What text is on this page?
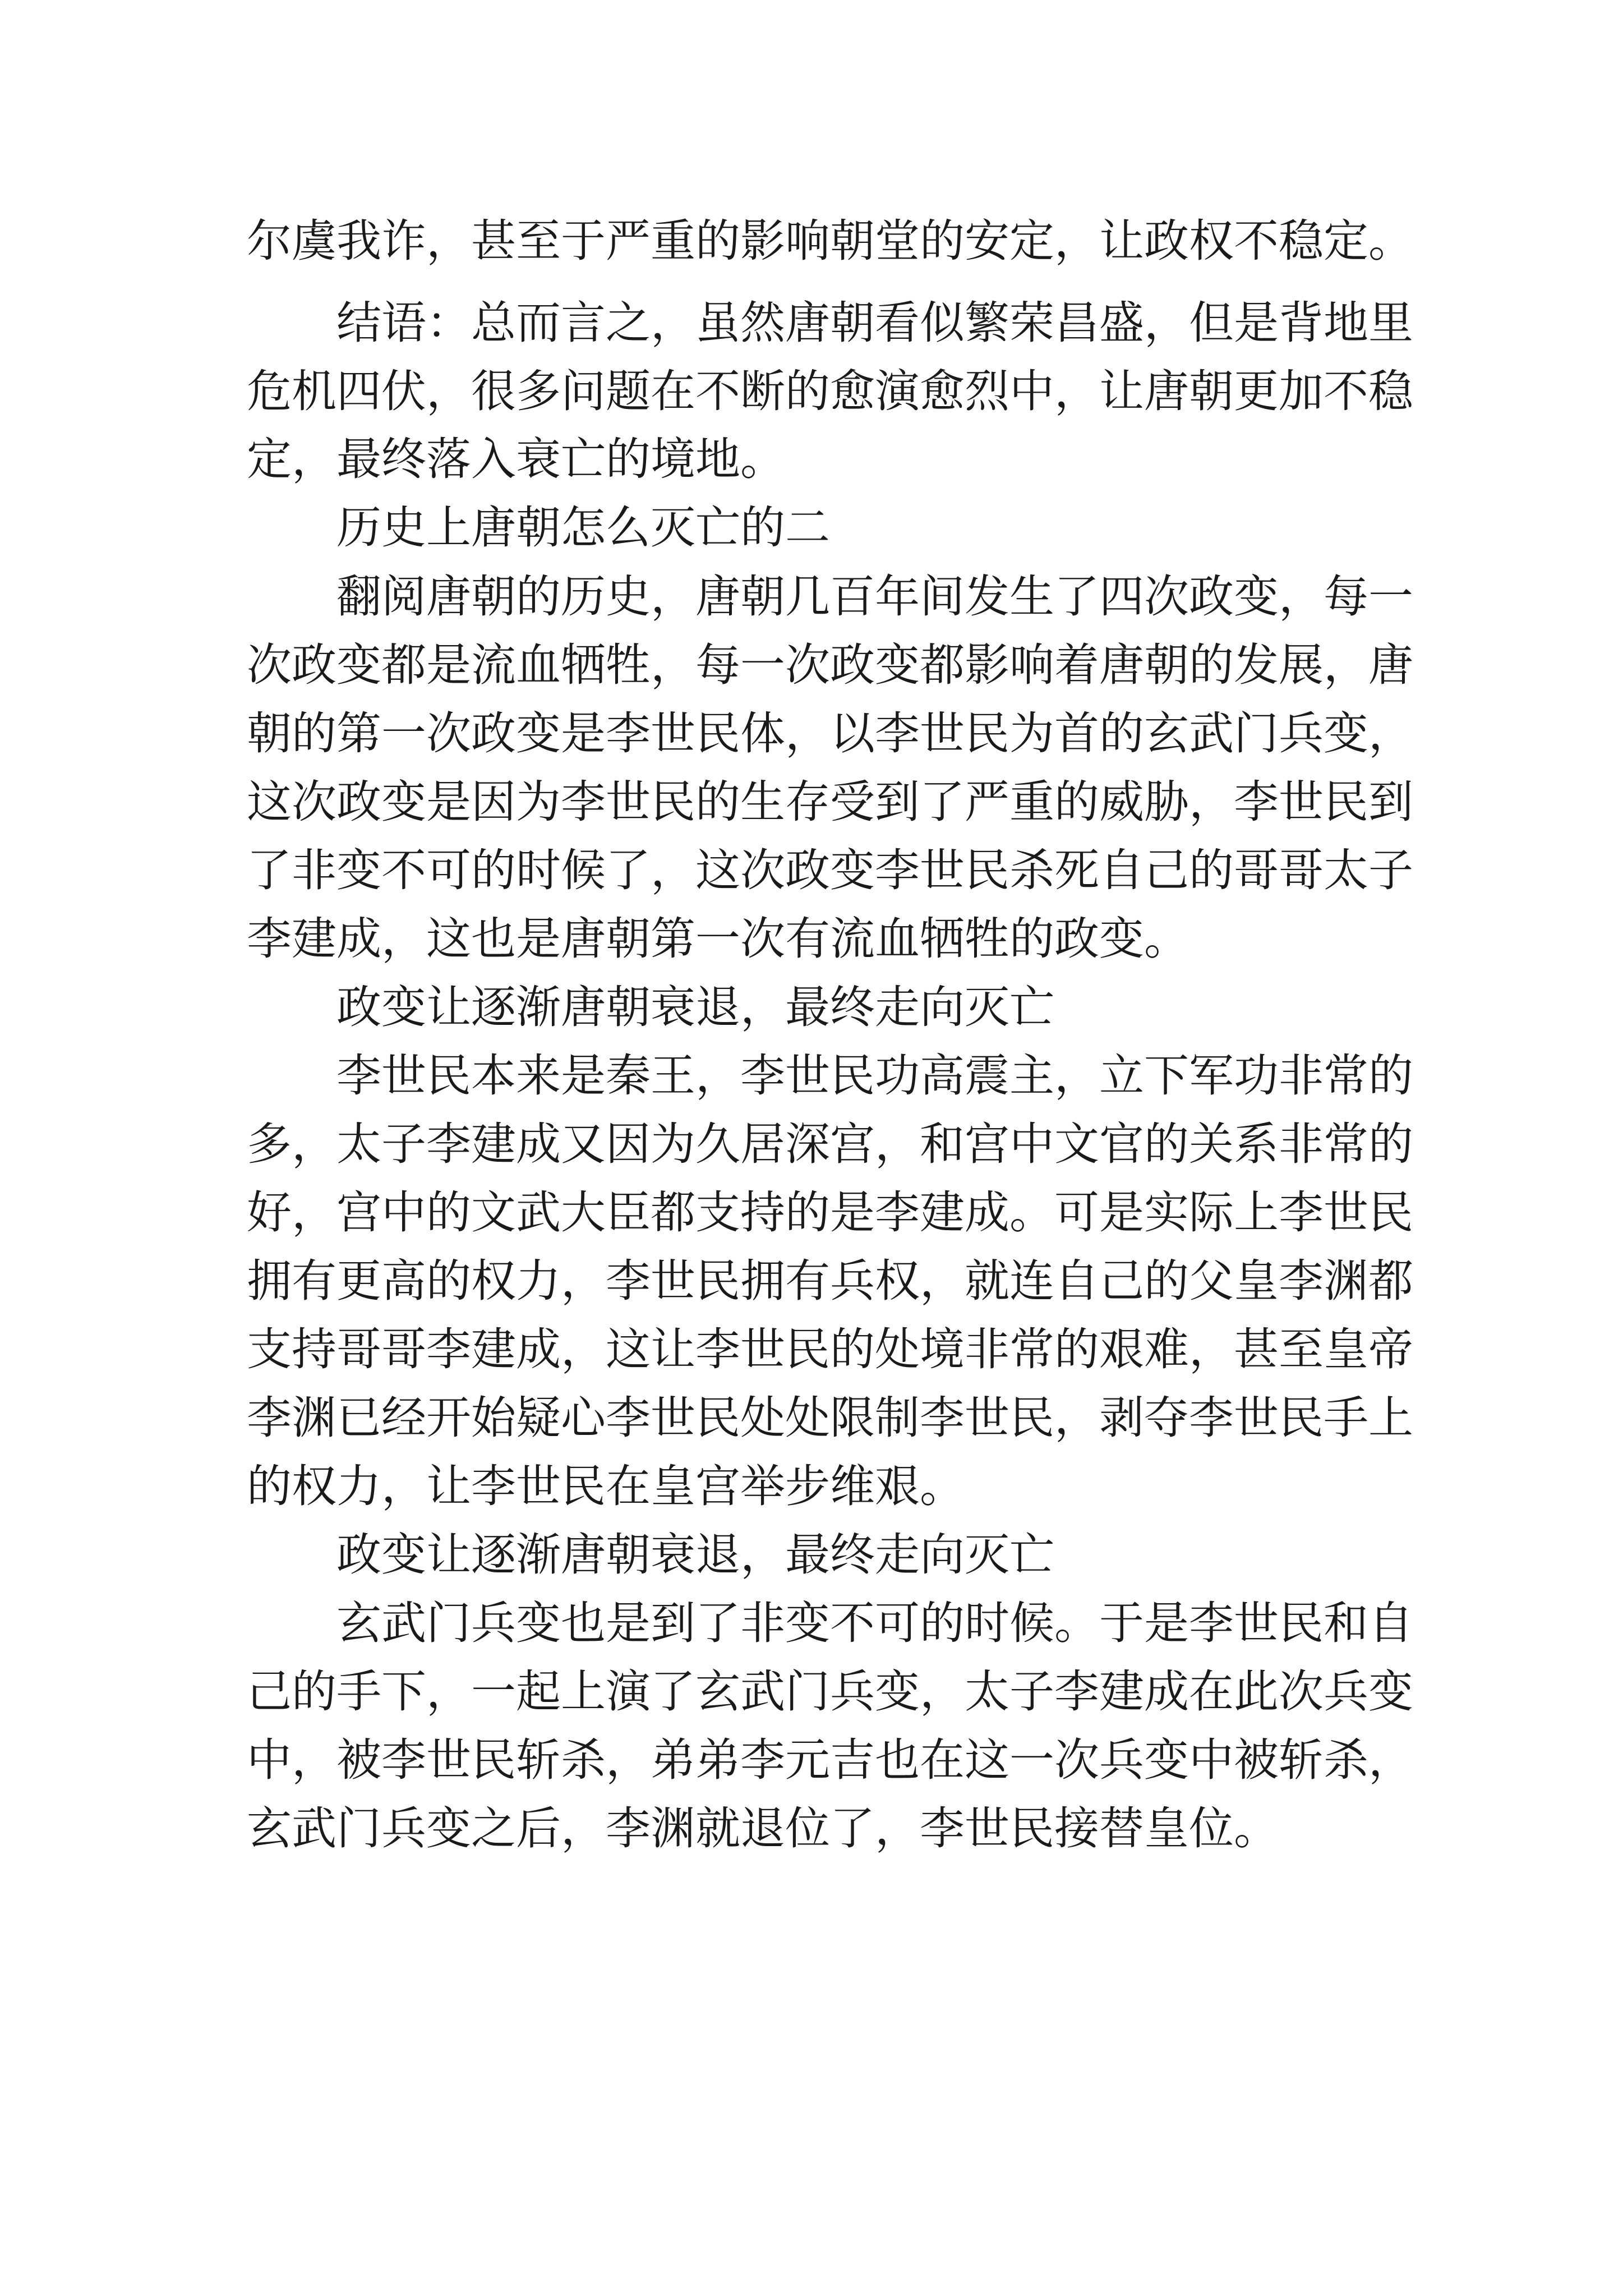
尔虞我诈，甚至于严重的影响朝堂的安定，让政权不稳定。

结语：总而言之，虽然唐朝看似繁荣昌盛，但是背地里

危机四伏，很多问题在不断的愈演愈烈中，让唐朝更加不稳

定，最终落入衰亡的境地。

历史上唐朝怎么灭亡的二

翻阅唐朝的历史，唐朝几百年间发生了四次政变，每一

次政变都是流血牺牲，每一次政变都影响着唐朝的发展，唐

朝的第一次政变是李世民体，以李世民为首的玄武门兵变，

这次政变是因为李世民的生存受到了严重的威胁，李世民到

了非变不可的时候了，这次政变李世民杀死自己的哥哥太子

李建成，这也是唐朝第一次有流血牺牲的政变。

政变让逐渐唐朝衰退，最终走向灭亡

李世民本来是秦王，李世民功高震主，立下军功非常的

多，太子李建成又因为久居深宫，和宫中文官的关系非常的

好，宫中的文武大臣都支持的是李建成。可是实际上李世民

拥有更高的权力，李世民拥有兵权，就连自己的父皇李渊都

支持哥哥李建成，这让李世民的处境非常的艰难，甚至皇帝

李渊已经开始疑心李世民处处限制李世民，剥夺李世民手上

的权力，让李世民在皇宫举步维艰。

政变让逐渐唐朝衰退，最终走向灭亡

玄武门兵变也是到了非变不可的时候。于是李世民和自

己的手下，一起上演了玄武门兵变，太子李建成在此次兵变

中，被李世民斩杀，弟弟李元吉也在这一次兵变中被斩杀，

玄武门兵变之后，李渊就退位了，李世民接替皇位。
